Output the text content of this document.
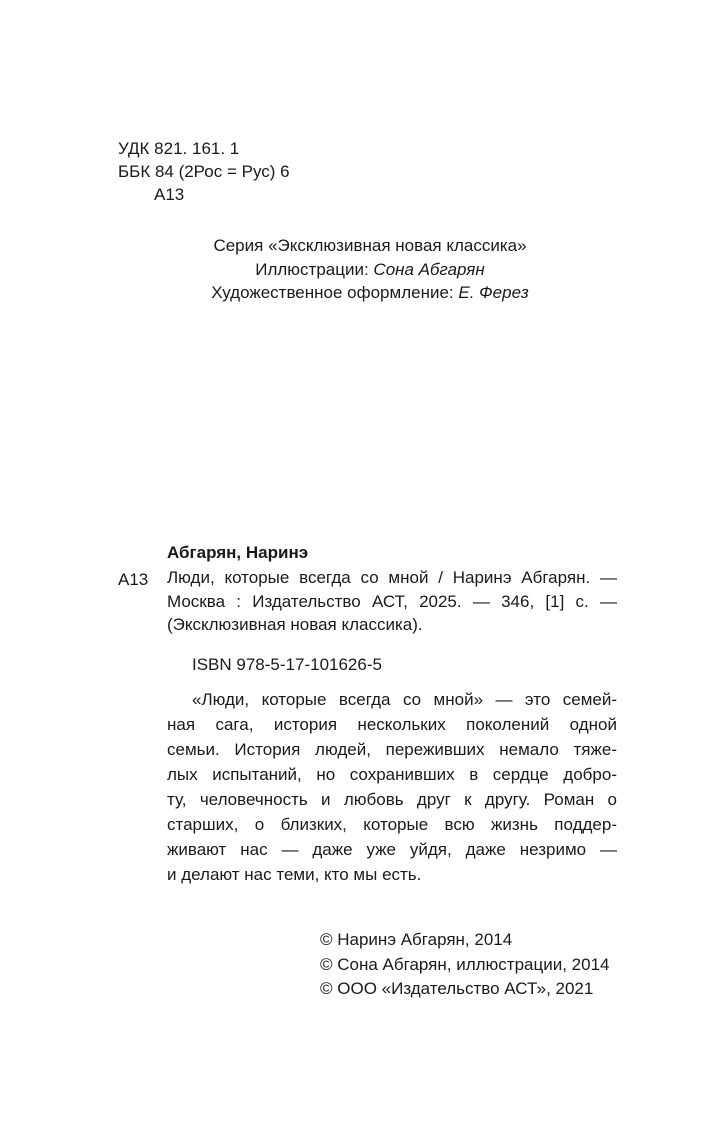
УДК 821. 161. 1
ББК 84 (2Рос = Рус) 6
А13
Серия «Эксклюзивная новая классика»
Иллюстрации: Сона Абгарян
Художественное оформление: Е. Ферез
Абгарян, Наринэ
А13 Люди, которые всегда со мной / Наринэ Абгарян. —
Москва : Издательство АСТ, 2025. — 346, [1] с. —
(Эксклюзивная новая классика).
ISBN 978-5-17-101626-5
«Люди, которые всегда со мной» — это семей-
ная сага, история нескольких поколений одной
семьи. История людей, переживших немало тяже-
лых испытаний, но сохранивших в сердце добро-
ту, человечность и любовь друг к другу. Роман о
старших, о близких, которые всю жизнь поддер-
живают нас — даже уже уйдя, даже незримо —
и делают нас теми, кто мы есть.
© Наринэ Абгарян, 2014
© Сона Абгарян, иллюстрации, 2014
© ООО «Издательство АСТ», 2021
